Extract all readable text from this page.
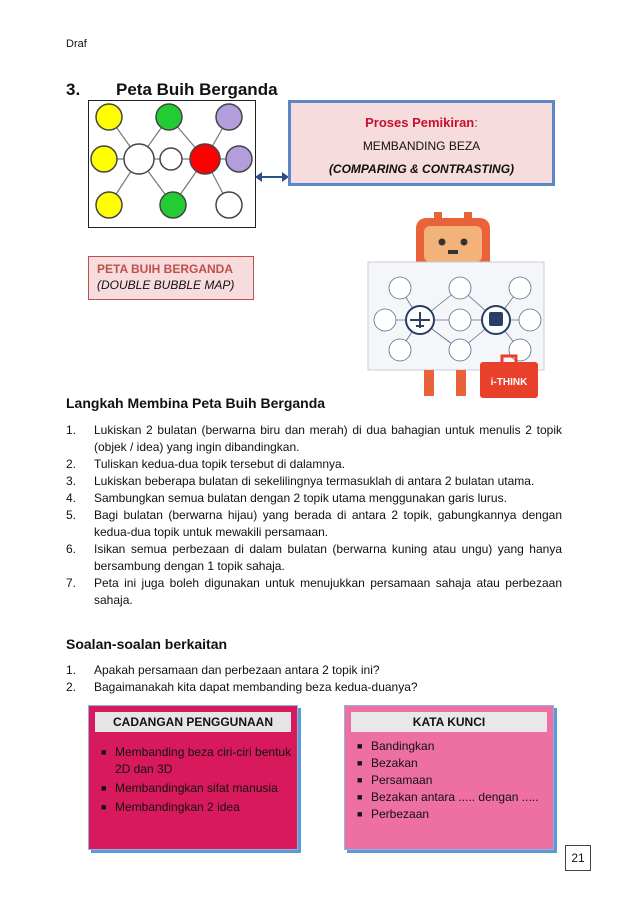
Draf
3. Peta Buih Berganda
Proses Pemikiran:
MEMBANDING BEZA
(COMPARING & CONTRASTING)
PETA BUIH BERGANDA
(DOUBLE BUBBLE MAP)
i-THINK
Langkah Membina Peta Buih Berganda
1. Lukiskan 2 bulatan (berwarna biru dan merah) di dua bahagian untuk menulis 2 topik (objek / idea) yang ingin dibandingkan.
2. Tuliskan kedua-dua topik tersebut di dalamnya.
3. Lukiskan beberapa bulatan di sekelilingnya termasuklah di antara 2 bulatan utama.
4. Sambungkan semua bulatan dengan 2 topik utama menggunakan garis lurus.
5. Bagi bulatan (berwarna hijau) yang berada di antara 2 topik, gabungkannya dengan kedua-dua topik untuk mewakili persamaan.
6. Isikan semua perbezaan di dalam bulatan (berwarna kuning atau ungu) yang hanya bersambung dengan 1 topik sahaja.
7. Peta ini juga boleh digunakan untuk menujukkan persamaan sahaja atau perbezaan sahaja.
Soalan-soalan berkaitan
1. Apakah persamaan dan perbezaan antara 2 topik ini?
2. Bagaimanakah kita dapat membanding beza kedua-duanya?
CADANGAN PENGGUNAAN
■ Membanding beza ciri-ciri bentuk 2D dan 3D
■ Membandingkan sifat manusia
■ Membandingkan 2 idea
KATA KUNCI
■ Bandingkan
■ Bezakan
■ Persamaan
■ Bezakan antara ..... dengan .....
■ Perbezaan
21
